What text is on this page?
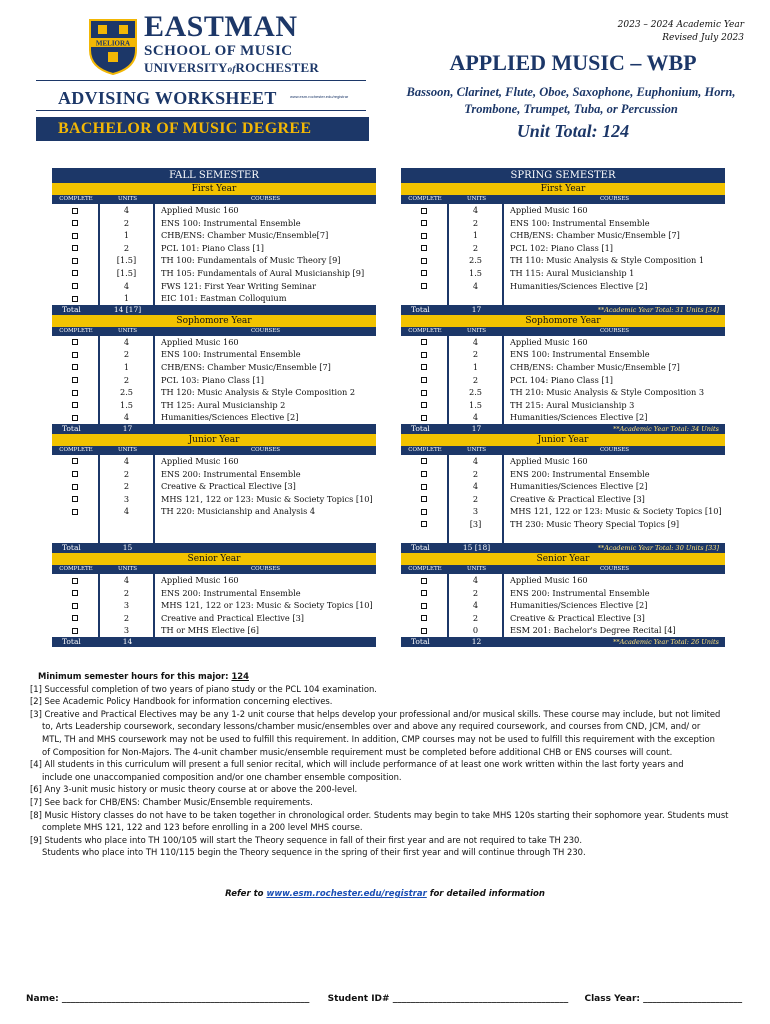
MELIORA
EASTMAN
SCHOOL OF MUSIC
UNIVERSITYofROCHESTER
ADVISING WORKSHEET	www.esm.rochester.edu/registrar
BACHELOR OF MUSIC DEGREE
2023 – 2024 Academic Year
Revised July 2023
APPLIED MUSIC – WBP
Bassoon, Clarinet, Flute, Oboe, Saxophone, Euphonium, Horn, Trombone, Trumpet, Tuba, or Percussion
Unit Total: 124
FALL SEMESTER
First Year
COMPLETE	UNITS	COURSES
4	Applied Music 160
2	ENS 100: Instrumental Ensemble
1	CHB/ENS: Chamber Music/Ensemble[7]
2	PCL 101: Piano Class [1]
[1.5]	TH 100: Fundamentals of Music Theory [9]
[1.5]	TH 105: Fundamentals of Aural Musicianship [9]
4	FWS 121: First Year Writing Seminar
1	EIC 101: Eastman Colloquium
Total	14 [17]
Sophomore Year
COMPLETE	UNITS	COURSES
4	Applied Music 160
2	ENS 100: Instrumental Ensemble
1	CHB/ENS: Chamber Music/Ensemble [7]
2	PCL 103: Piano Class [1]
2.5	TH 120: Music Analysis & Style Composition 2
1.5	TH 125: Aural Musicianship 2
4	Humanities/Sciences Elective [2]
Total	17
Junior Year
COMPLETE	UNITS	COURSES
4	Applied Music 160
2	ENS 200: Instrumental Ensemble
2	Creative & Practical Elective [3]
3	MHS 121, 122 or 123: Music & Society Topics [10]
4	TH 220: Musicianship and Analysis 4
Total	15
Senior Year
COMPLETE	UNITS	COURSES
4	Applied Music 160
2	ENS 200: Instrumental Ensemble
3	MHS 121, 122 or 123: Music & Society Topics [10]
2	Creative and Practical Elective [3]
3	TH or MHS Elective [6]
Total	14
SPRING SEMESTER
First Year
COMPLETE	UNITS	COURSES
4	Applied Music 160
2	ENS 100: Instrumental Ensemble
1	CHB/ENS: Chamber Music/Ensemble [7]
2	PCL 102: Piano Class [1]
2.5	TH 110: Music Analysis & Style Composition 1
1.5	TH 115: Aural Musicianship 1
4	Humanities/Sciences Elective [2]
Total	17	**Academic Year Total: 31 Units [34]
Sophomore Year
COMPLETE	UNITS	COURSES
4	Applied Music 160
2	ENS 100: Instrumental Ensemble
1	CHB/ENS: Chamber Music/Ensemble [7]
2	PCL 104: Piano Class [1]
2.5	TH 210: Music Analysis & Style Composition 3
1.5	TH 215: Aural Musicianship 3
4	Humanities/Sciences Elective [2]
Total	17	**Academic Year Total: 34 Units
Junior Year
COMPLETE	UNITS	COURSES
4	Applied Music 160
2	ENS 200: Instrumental Ensemble
4	Humanities/Sciences Elective [2]
2	Creative & Practical Elective [3]
3	MHS 121, 122 or 123: Music & Society Topics [10]
[3]	TH 230: Music Theory Special Topics [9]
Total	15 [18]	**Academic Year Total: 30 Units [33]
Senior Year
COMPLETE	UNITS	COURSES
4	Applied Music 160
2	ENS 200: Instrumental Ensemble
4	Humanities/Sciences Elective [2]
2	Creative & Practical Elective [3]
0	ESM 201: Bachelor's Degree Recital [4]
Total	12	**Academic Year Total: 26 Units
Minimum semester hours for this major: 124
[1] Successful completion of two years of piano study or the PCL 104 examination.
[2] See Academic Policy Handbook for information concerning electives.
[3] Creative and Practical Electives may be any 1-2 unit course that helps develop your professional and/or musical skills. These course may include, but not limited
to, Arts Leadership coursework, secondary lessons/chamber music/ensembles over and above any required coursework, and courses from CND, JCM, and/ or
MTL, TH and MHS coursework may not be used to fulfill this requirement. In addition, CMP courses may not be used to fulfill this requirement with the exception
of Composition for Non-Majors. The 4-unit chamber music/ensemble requirement must be completed before additional CHB or ENS courses will count.
[4] All students in this curriculum will present a full senior recital, which will include performance of at least one work written within the last forty years and
include one unaccompanied composition and/or one chamber ensemble composition.
[6] Any 3-unit music history or music theory course at or above the 200-level.
[7] See back for CHB/ENS: Chamber Music/Ensemble requirements.
[8] Music History classes do not have to be taken together in chronological order. Students may begin to take MHS 120s starting their sophomore year. Students must
complete MHS 121, 122 and 123 before enrolling in a 200 level MHS course.
[9] Students who place into TH 100/105 will start the Theory sequence in fall of their first year and are not required to take TH 230.
Students who place into TH 110/115 begin the Theory sequence in the spring of their first year and will continue through TH 230.
Refer to www.esm.rochester.edu/registrar for detailed information
Name: _______________________________________________________ Student ID# _______________________________________ Class Year: ______________________
